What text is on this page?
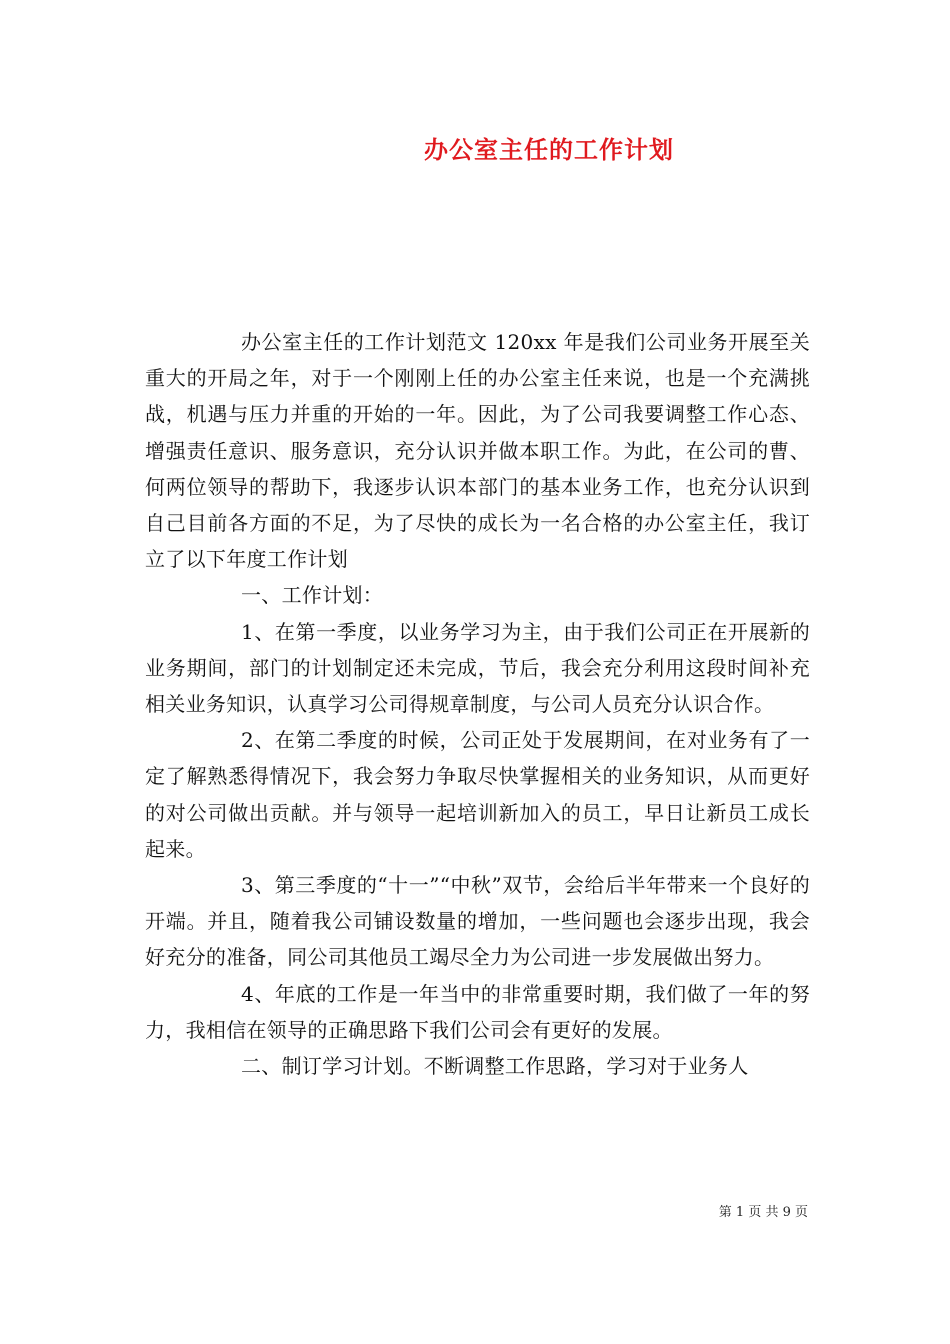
办公室主任的工作计划

办公室主任的工作计划范文 120xx 年是我们公司业务开展至关重大的开局之年，对于一个刚刚上任的办公室主任来说，也是一个充满挑战，机遇与压力并重的开始的一年。因此，为了公司我要调整工作心态、增强责任意识、服务意识，充分认识并做本职工作。为此，在公司的曹、何两位领导的帮助下，我逐步认识本部门的基本业务工作，也充分认识到自己目前各方面的不足，为了尽快的成长为一名合格的办公室主任，我订立了以下年度工作计划

一、工作计划：

1、在第一季度，以业务学习为主，由于我们公司正在开展新的业务期间，部门的计划制定还未完成，节后，我会充分利用这段时间补充相关业务知识，认真学习公司得规章制度，与公司人员充分认识合作。

2、在第二季度的时候，公司正处于发展期间，在对业务有了一定了解熟悉得情况下，我会努力争取尽快掌握相关的业务知识，从而更好的对公司做出贡献。并与领导一起培训新加入的员工，早日让新员工成长起来。

3、第三季度的“十一”“中秋”双节，会给后半年带来一个良好的开端。并且，随着我公司铺设数量的增加，一些问题也会逐步出现，我会好充分的准备，同公司其他员工竭尽全力为公司进一步发展做出努力。

4、年底的工作是一年当中的非常重要时期，我们做了一年的努力，我相信在领导的正确思路下我们公司会有更好的发展。

二、制订学习计划。不断调整工作思路，学习对于业务人

第 1 页 共 9 页
